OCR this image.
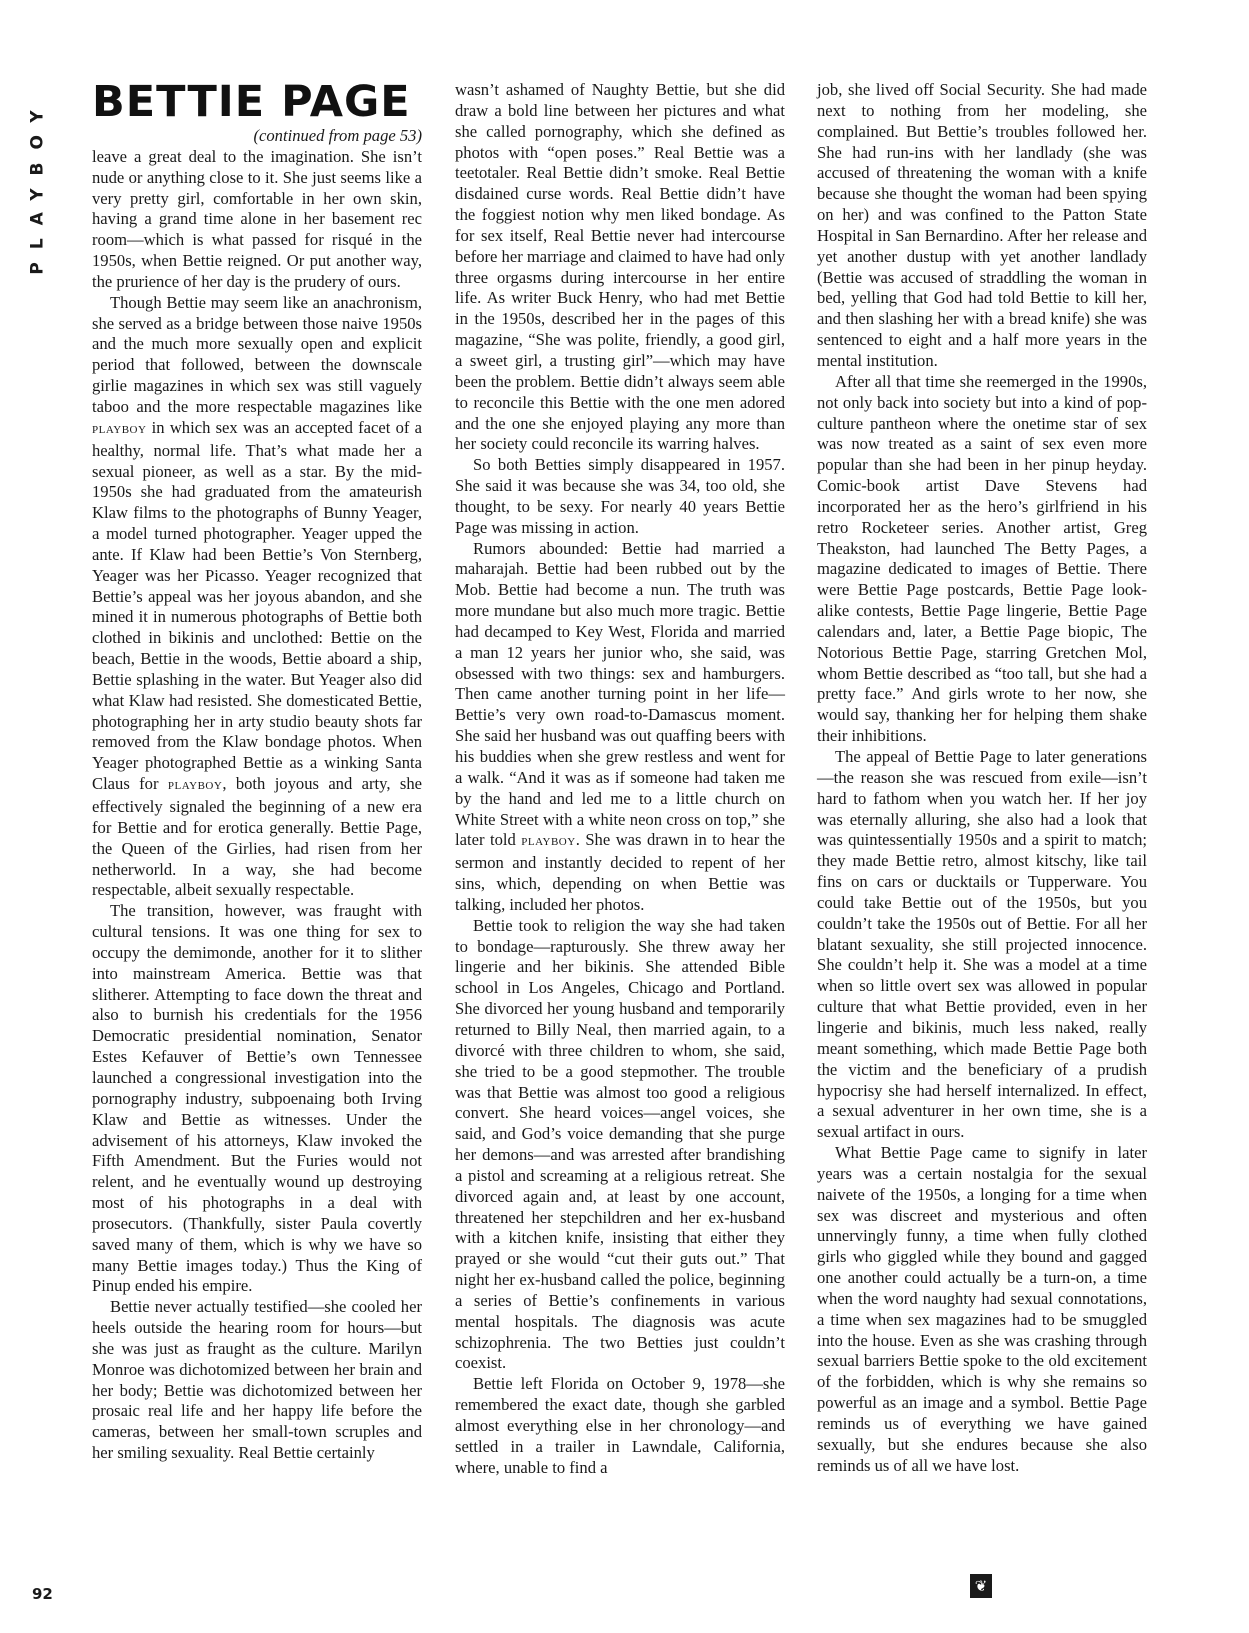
PLAYBOY BETTIE PAGE

(continued from page 53)

leave a great deal to the imagination. She isn’t nude or anything close to it. She just seems like a very pretty girl, comfortable in her own skin, having a grand time alone in her basement rec room—which is what passed for risqué in the 1950s, when Bettie reigned. Or put another way, the prurience of her day is the prudery of ours.

Though Bettie may seem like an anachronism, she served as a bridge between those naive 1950s and the much more sexually open and explicit period that followed, between the downscale girlie magazines in which sex was still vaguely taboo and the more respectable magazines like PLAYBOY in which sex was an accepted facet of a healthy, normal life. That’s what made her a sexual pioneer, as well as a star. By the mid-1950s she had graduated from the amateurish Klaw films to the photographs of Bunny Yeager, a model turned photographer. Yeager upped the ante. If Klaw had been Bettie’s Von Sternberg, Yeager was her Picasso. Yeager recognized that Bettie’s appeal was her joyous abandon, and she mined it in numerous photographs of Bettie both clothed in bikinis and unclothed: Bettie on the beach, Bettie in the woods, Bettie aboard a ship, Bettie splashing in the water. But Yeager also did what Klaw had resisted. She domesticated Bettie, photographing her in arty studio beauty shots far removed from the Klaw bondage photos. When Yeager photographed Bettie as a winking Santa Claus for PLAYBOY, both joyous and arty, she effectively signaled the beginning of a new era for Bettie and for erotica generally. Bettie Page, the Queen of the Girlies, had risen from her netherworld. In a way, she had become respectable, albeit sexually respectable.

The transition, however, was fraught with cultural tensions. It was one thing for sex to occupy the demimonde, another for it to slither into mainstream America. Bettie was that slitherer. Attempting to face down the threat and also to burnish his credentials for the 1956 Democratic presidential nomination, Senator Estes Kefauver of Bettie’s own Tennessee launched a congressional investigation into the pornography industry, subpoenaing both Irving Klaw and Bettie as witnesses. Under the advisement of his attorneys, Klaw invoked the Fifth Amendment. But the Furies would not relent, and he eventually wound up destroying most of his photographs in a deal with prosecutors. (Thankfully, sister Paula covertly saved many of them, which is why we have so many Bettie images today.) Thus the King of Pinup ended his empire.

Bettie never actually testified—she cooled her heels outside the hearing room for hours—but she was just as fraught as the culture. Marilyn Monroe was dichotomized between her brain and her body; Bettie was dichotomized between her prosaic real life and her happy life before the cameras, between her small-town scruples and her smiling sexuality. Real Bettie certainly

wasn’t ashamed of Naughty Bettie, but she did draw a bold line between her pictures and what she called pornography, which she defined as photos with “open poses.” Real Bettie was a teetotaler. Real Bettie didn’t smoke. Real Bettie disdained curse words. Real Bettie didn’t have the foggiest notion why men liked bondage. As for sex itself, Real Bettie never had intercourse before her marriage and claimed to have had only three orgasms during intercourse in her entire life. As writer Buck Henry, who had met Bettie in the 1950s, described her in the pages of this magazine, “She was polite, friendly, a good girl, a sweet girl, a trusting girl”—which may have been the problem. Bettie didn’t always seem able to reconcile this Bettie with the one men adored and the one she enjoyed playing any more than her society could reconcile its warring halves.

So both Betties simply disappeared in 1957. She said it was because she was 34, too old, she thought, to be sexy. For nearly 40 years Bettie Page was missing in action.

Rumors abounded: Bettie had married a maharajah. Bettie had been rubbed out by the Mob. Bettie had become a nun. The truth was more mundane but also much more tragic. Bettie had decamped to Key West, Florida and married a man 12 years her junior who, she said, was obsessed with two things: sex and hamburgers. Then came another turning point in her life—Bettie’s very own road-to-Damascus moment. She said her husband was out quaffing beers with his buddies when she grew restless and went for a walk. “And it was as if someone had taken me by the hand and led me to a little church on White Street with a white neon cross on top,” she later told PLAYBOY. She was drawn in to hear the sermon and instantly decided to repent of her sins, which, depending on when Bettie was talking, included her photos.

Bettie took to religion the way she had taken to bondage—rapturously. She threw away her lingerie and her bikinis. She attended Bible school in Los Angeles, Chicago and Portland. She divorced her young husband and temporarily returned to Billy Neal, then married again, to a divorcé with three children to whom, she said, she tried to be a good stepmother. The trouble was that Bettie was almost too good a religious convert. She heard voices—angel voices, she said, and God’s voice demanding that she purge her demons—and was arrested after brandishing a pistol and screaming at a religious retreat. She divorced again and, at least by one account, threatened her stepchildren and her ex-husband with a kitchen knife, insisting that either they prayed or she would “cut their guts out.” That night her ex-husband called the police, beginning a series of Bettie’s confinements in various mental hospitals. The diagnosis was acute schizophrenia. The two Betties just couldn’t coexist.

Bettie left Florida on October 9, 1978—she remembered the exact date, though she garbled almost everything else in her chronology—and settled in a trailer in Lawndale, California, where, unable to find a

job, she lived off Social Security. She had made next to nothing from her modeling, she complained. But Bettie’s troubles followed her. She had run-ins with her landlady (she was accused of threatening the woman with a knife because she thought the woman had been spying on her) and was confined to the Patton State Hospital in San Bernardino. After her release and yet another dustup with yet another landlady (Bettie was accused of straddling the woman in bed, yelling that God had told Bettie to kill her, and then slashing her with a bread knife) she was sentenced to eight and a half more years in the mental institution.

After all that time she reemerged in the 1990s, not only back into society but into a kind of pop-culture pantheon where the onetime star of sex was now treated as a saint of sex even more popular than she had been in her pinup heyday. Comic-book artist Dave Stevens had incorporated her as the hero’s girlfriend in his retro Rocketeer series. Another artist, Greg Theakston, had launched The Betty Pages, a magazine dedicated to images of Bettie. There were Bettie Page postcards, Bettie Page look-alike contests, Bettie Page lingerie, Bettie Page calendars and, later, a Bettie Page biopic, The Notorious Bettie Page, starring Gretchen Mol, whom Bettie described as “too tall, but she had a pretty face.” And girls wrote to her now, she would say, thanking her for helping them shake their inhibitions.

The appeal of Bettie Page to later generations—the reason she was rescued from exile—isn’t hard to fathom when you watch her. If her joy was eternally alluring, she also had a look that was quintessentially 1950s and a spirit to match; they made Bettie retro, almost kitschy, like tail fins on cars or ducktails or Tupperware. You could take Bettie out of the 1950s, but you couldn’t take the 1950s out of Bettie. For all her blatant sexuality, she still projected innocence. She couldn’t help it. She was a model at a time when so little overt sex was allowed in popular culture that what Bettie provided, even in her lingerie and bikinis, much less naked, really meant something, which made Bettie Page both the victim and the beneficiary of a prudish hypocrisy she had herself internalized. In effect, a sexual adventurer in her own time, she is a sexual artifact in ours.

What Bettie Page came to signify in later years was a certain nostalgia for the sexual naivete of the 1950s, a longing for a time when sex was discreet and mysterious and often unnervingly funny, a time when fully clothed girls who giggled while they bound and gagged one another could actually be a turn-on, a time when the word naughty had sexual connotations, a time when sex magazines had to be smuggled into the house. Even as she was crashing through sexual barriers Bettie spoke to the old excitement of the forbidden, which is why she remains so powerful as an image and a symbol. Bettie Page reminds us of everything we have gained sexually, but she endures because she also reminds us of all we have lost.

92	❦
